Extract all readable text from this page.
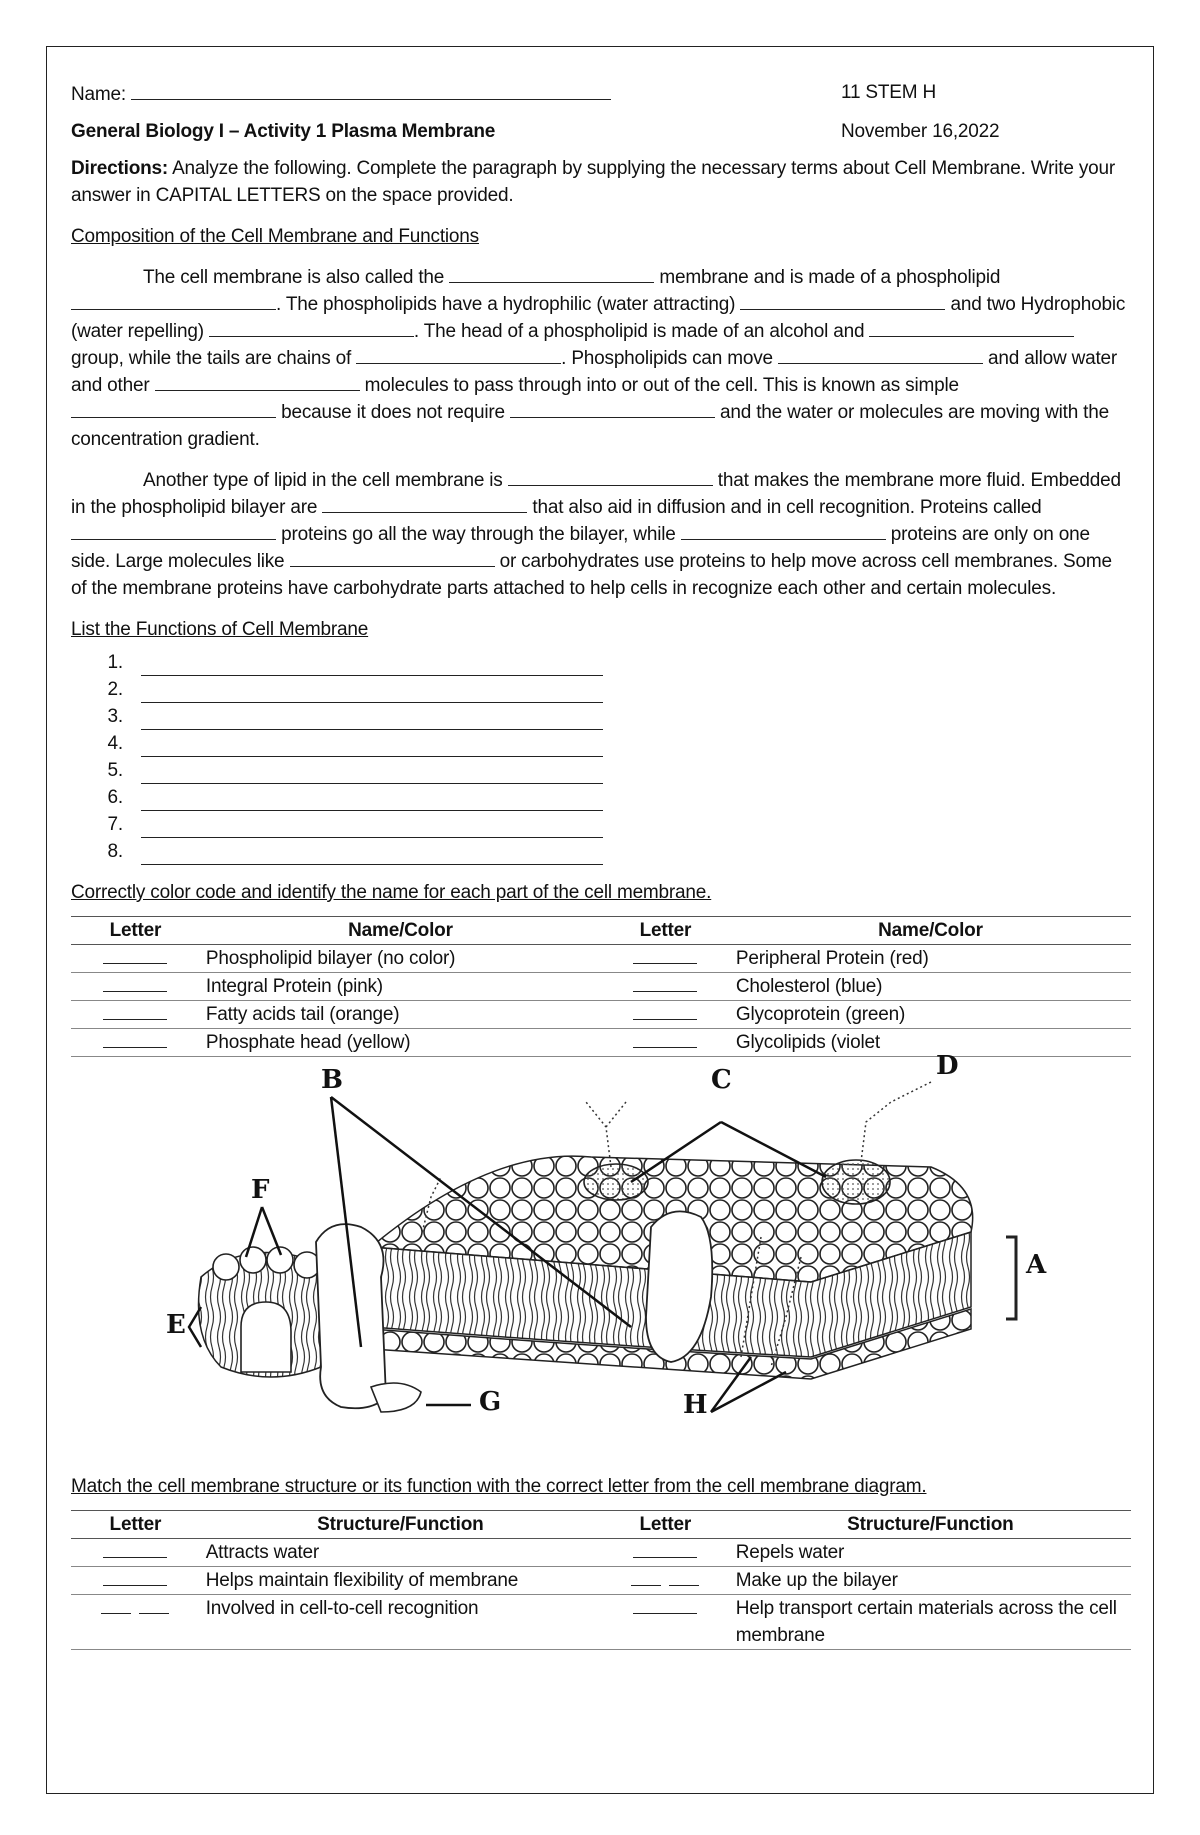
Name:	11 STEM H
General Biology I – Activity 1 Plasma Membrane	November 16,2022

Directions: Analyze the following. Complete the paragraph by supplying the necessary terms about Cell Membrane. Write your answer in CAPITAL LETTERS on the space provided.

Composition of the Cell Membrane and Functions

The cell membrane is also called the	membrane and is made of a phospholipid . The phospholipids have a hydrophilic (water attracting)	and two Hydrophobic (water repelling)	. The head of a phospholipid is made of an alcohol and  group, while the tails are chains of	. Phospholipids can move	and allow water and other	molecules to pass through into or out of the cell. This is known as simple  because it does not require	and the water or molecules are moving with the concentration gradient.

Another type of lipid in the cell membrane is	that makes the membrane more fluid. Embedded in the phospholipid bilayer are	that also aid in diffusion and in cell recognition. Proteins called  proteins go all the way through the bilayer, while	proteins are only on one side. Large molecules like	or carbohydrates use proteins to help move across cell membranes. Some of the membrane proteins have carbohydrate parts attached to help cells in recognize each other and certain molecules.

List the Functions of Cell Membrane

1.
2.
3.
4.
5.
6.
7.
8.

Correctly color code and identify the name for each part of the cell membrane.

Letter	Name/Color	Letter	Name/Color
	Phospholipid bilayer (no color)		Peripheral Protein (red)
	Integral Protein (pink)		Cholesterol (blue)
	Fatty acids tail (orange)		Glycoprotein (green)
	Phosphate head (yellow)		Glycolipids (violet
A
B	C	D
E
F
G	H

Match the cell membrane structure or its function with the correct letter from the cell membrane diagram.

Letter	Structure/Function	Letter	Structure/Function
	Attracts water		Repels water
	Helps maintain flexibility of membrane		Make up the bilayer
	Involved in cell-to-cell recognition		Help transport certain materials across the cell membrane
